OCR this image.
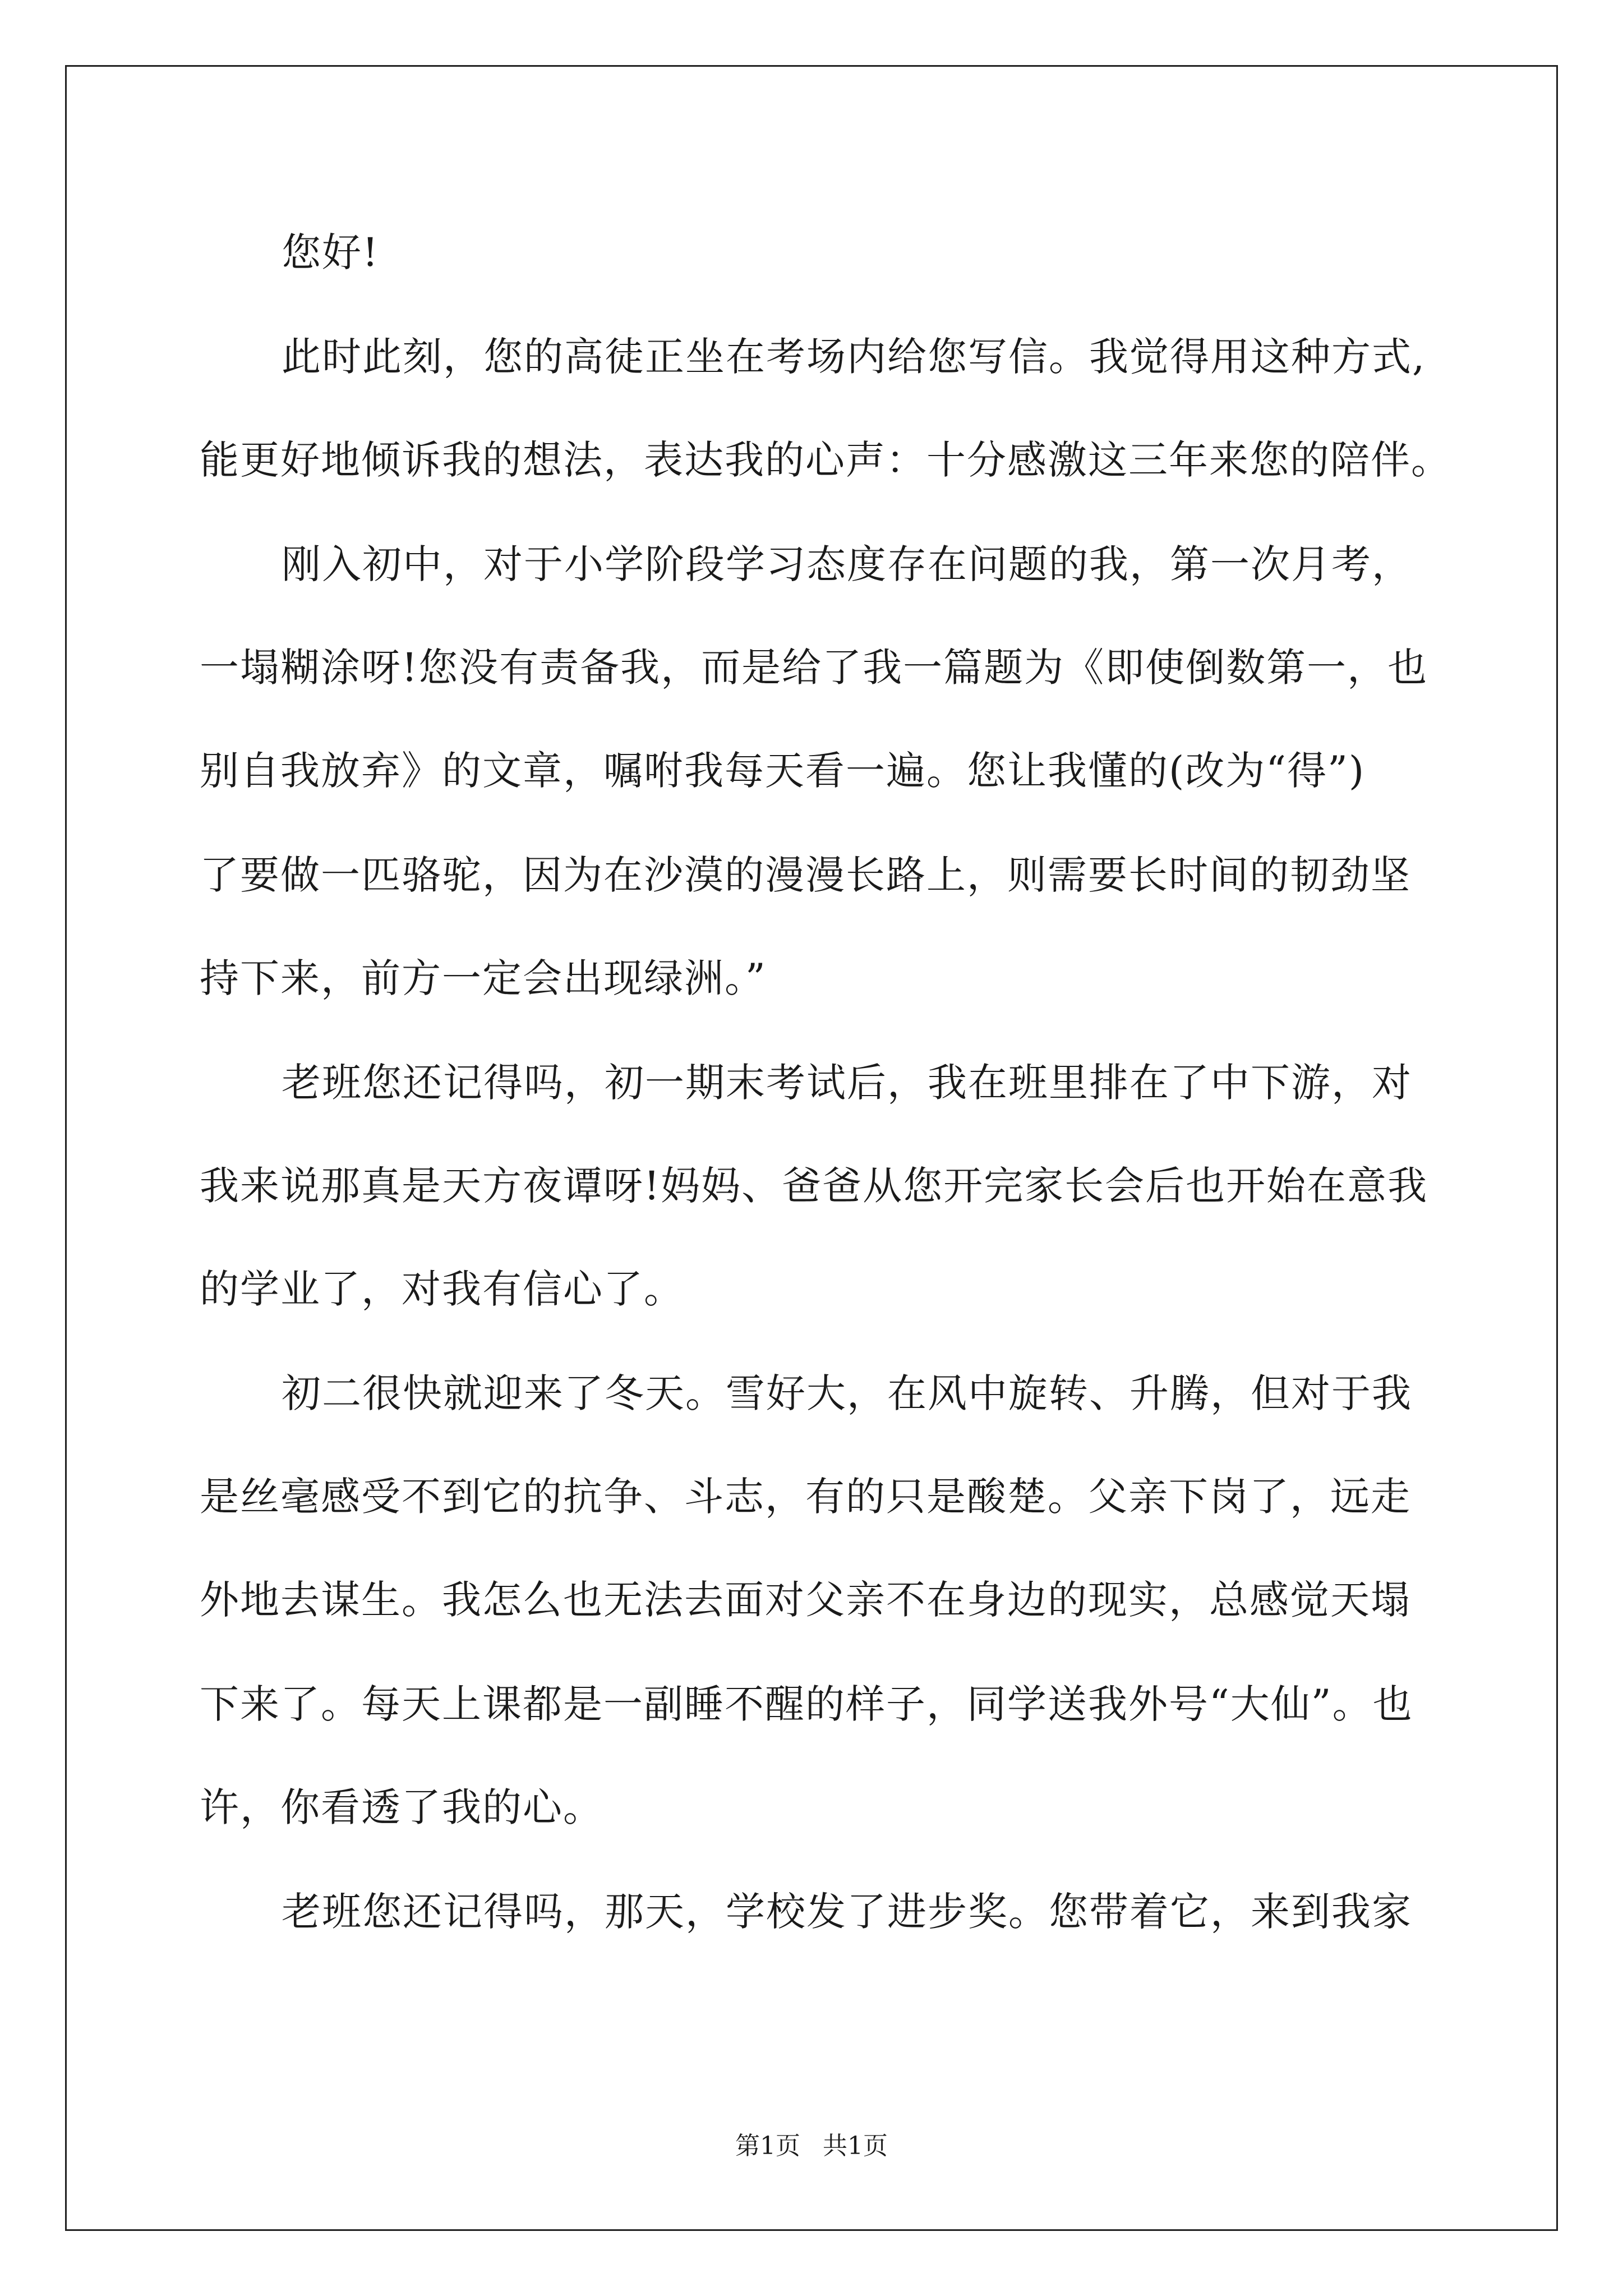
您好!
此时此刻，您的高徒正坐在考场内给您写信。我觉得用这种方式,
能更好地倾诉我的想法，表达我的心声：十分感激这三年来您的陪伴。
刚入初中，对于小学阶段学习态度存在问题的我，第一次月考，
一塌糊涂呀!您没有责备我，而是给了我一篇题为《即使倒数第一，也
别自我放弃》的文章，嘱咐我每天看一遍。您让我懂的(改为“得”)
了要做一匹骆驼，因为在沙漠的漫漫长路上，则需要长时间的韧劲坚
持下来，前方一定会出现绿洲。”
老班您还记得吗，初一期末考试后，我在班里排在了中下游，对
我来说那真是天方夜谭呀!妈妈、爸爸从您开完家长会后也开始在意我
的学业了，对我有信心了。
初二很快就迎来了冬天。雪好大，在风中旋转、升腾，但对于我
是丝毫感受不到它的抗争、斗志，有的只是酸楚。父亲下岗了，远走
外地去谋生。我怎么也无法去面对父亲不在身边的现实，总感觉天塌
下来了。每天上课都是一副睡不醒的样子，同学送我外号“大仙”。也
许，你看透了我的心。
老班您还记得吗，那天，学校发了进步奖。您带着它，来到我家
第1页 共1页
